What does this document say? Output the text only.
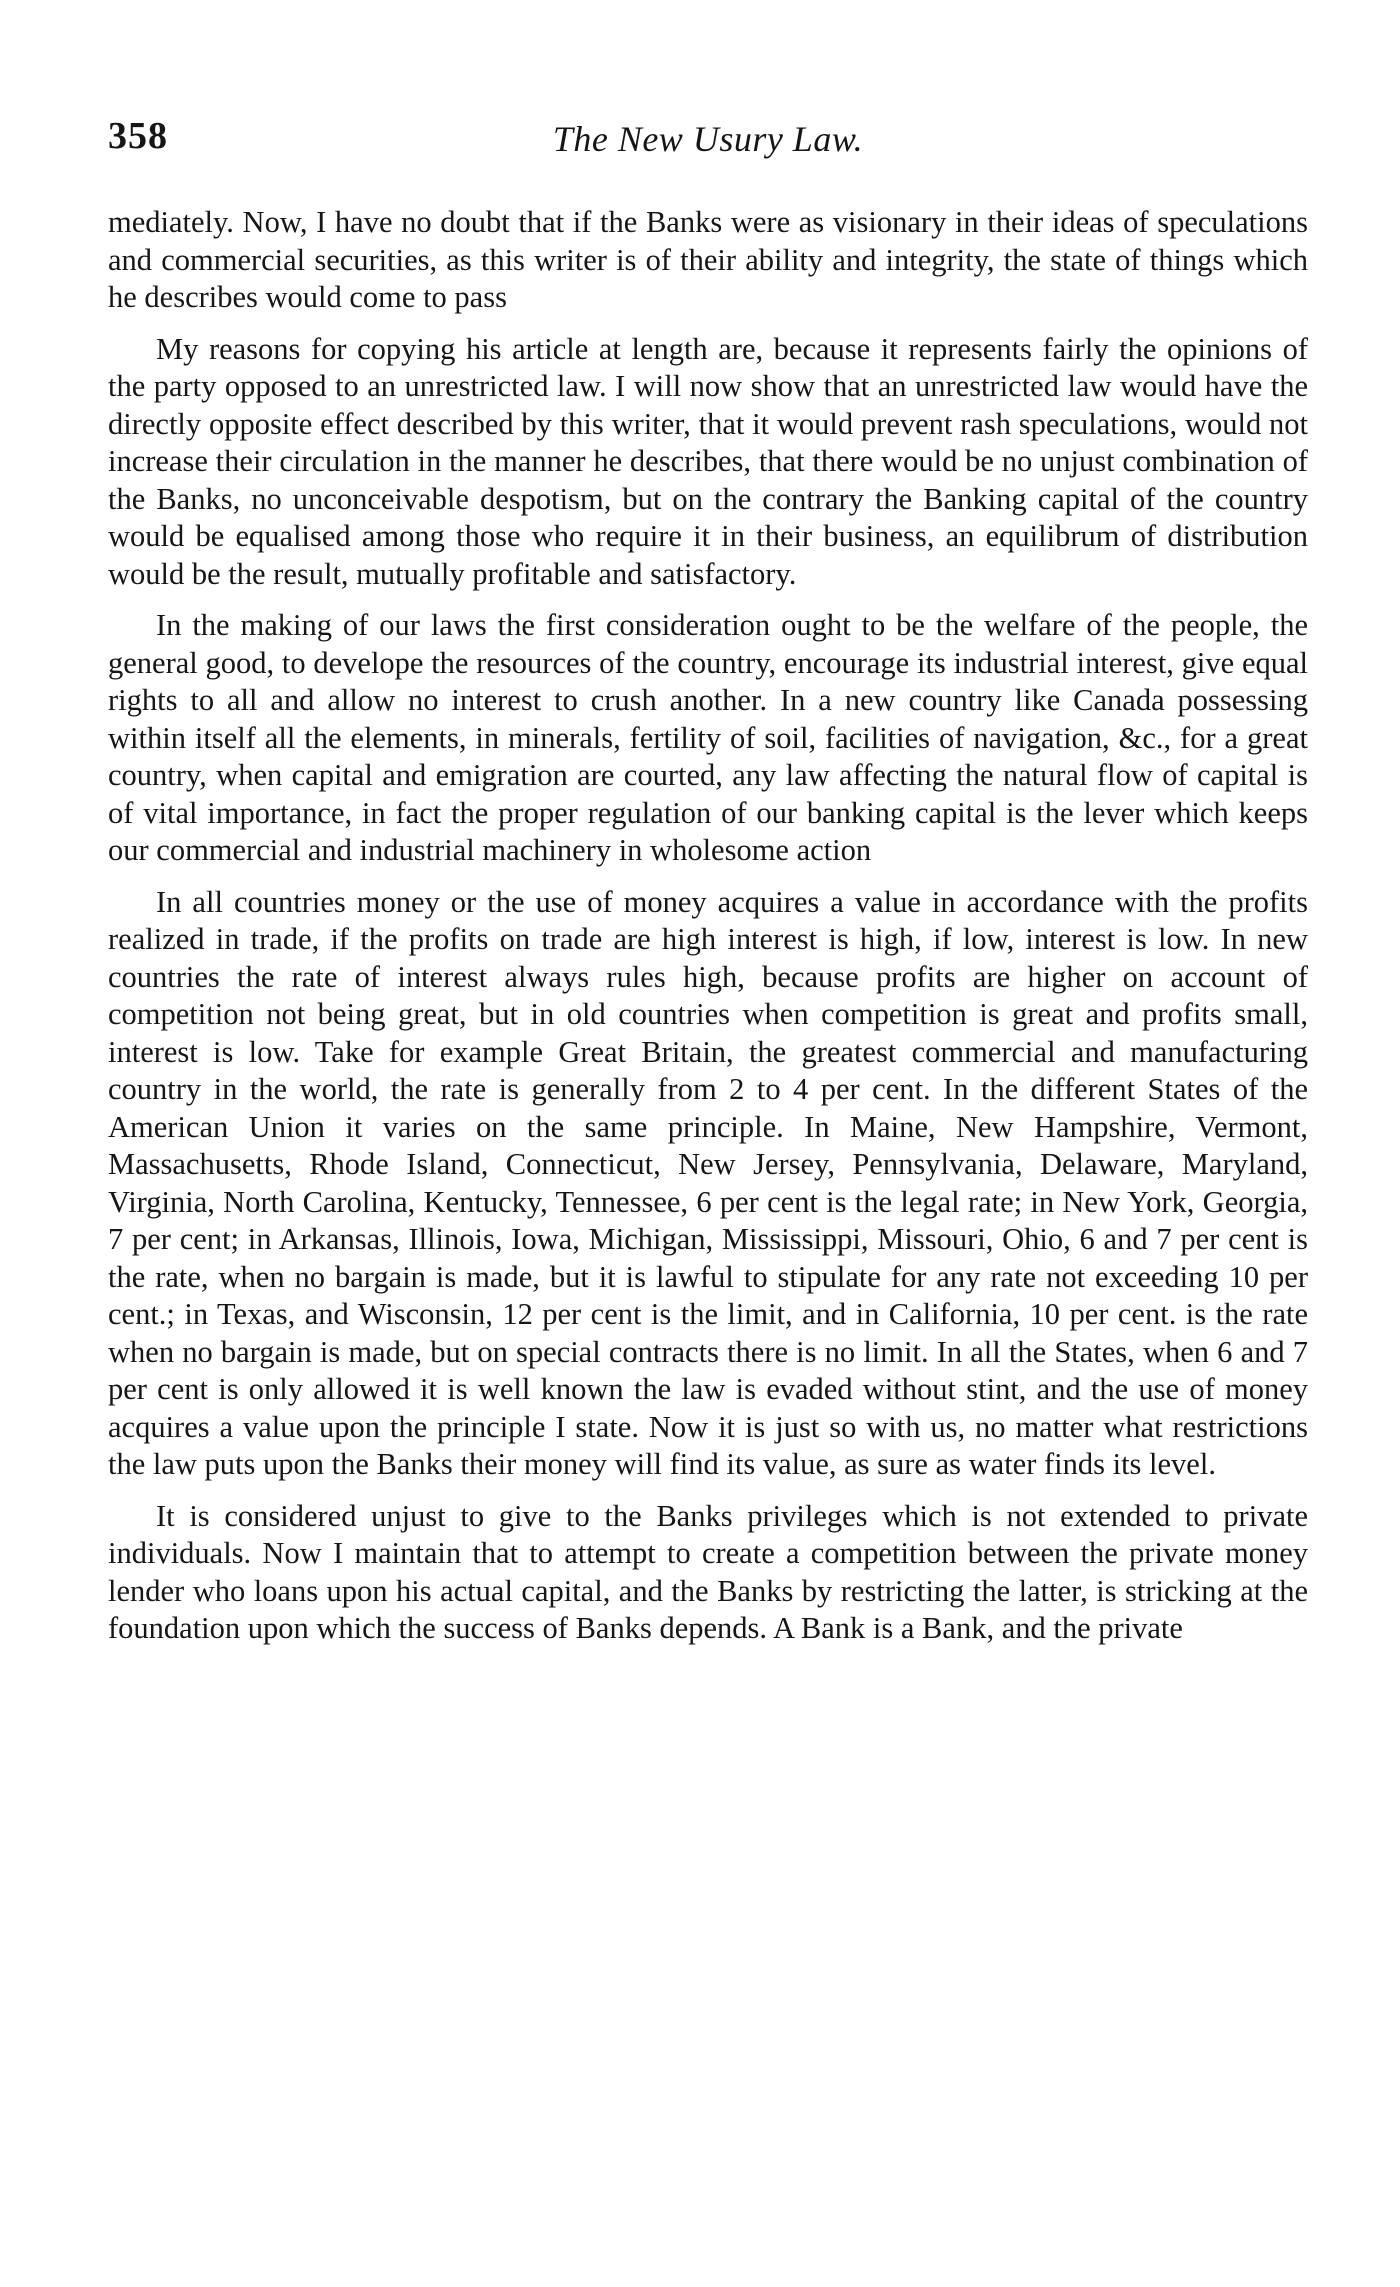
358	The New Usury Law.

mediately. Now, I have no doubt that if the Banks were as visionary in their ideas of speculations and commercial securities, as this writer is of their ability and integrity, the state of things which he describes would come to pass

My reasons for copying his article at length are, because it represents fairly the opinions of the party opposed to an unrestricted law. I will now show that an unrestricted law would have the directly opposite effect described by this writer, that it would prevent rash speculations, would not increase their circulation in the manner he describes, that there would be no unjust combination of the Banks, no unconceivable despotism, but on the contrary the Banking capital of the country would be equalised among those who require it in their business, an equilibrum of distribution would be the result, mutually profitable and satisfactory.

In the making of our laws the first consideration ought to be the welfare of the people, the general good, to develope the resources of the country, encourage its industrial interest, give equal rights to all and allow no interest to crush another. In a new country like Canada possessing within itself all the elements, in minerals, fertility of soil, facilities of navigation, &c., for a great country, when capital and emigration are courted, any law affecting the natural flow of capital is of vital importance, in fact the proper regulation of our banking capital is the lever which keeps our commercial and industrial machinery in wholesome action

In all countries money or the use of money acquires a value in accordance with the profits realized in trade, if the profits on trade are high interest is high, if low, interest is low. In new countries the rate of interest always rules high, because profits are higher on account of competition not being great, but in old countries when competition is great and profits small, interest is low. Take for example Great Britain, the greatest commercial and manufacturing country in the world, the rate is generally from 2 to 4 per cent. In the different States of the American Union it varies on the same principle. In Maine, New Hampshire, Vermont, Massachusetts, Rhode Island, Connecticut, New Jersey, Pennsylvania, Delaware, Maryland, Virginia, North Carolina, Kentucky, Tennessee, 6 per cent is the legal rate; in New York, Georgia, 7 per cent; in Arkansas, Illinois, Iowa, Michigan, Mississippi, Missouri, Ohio, 6 and 7 per cent is the rate, when no bargain is made, but it is lawful to stipulate for any rate not exceeding 10 per cent.; in Texas, and Wisconsin, 12 per cent is the limit, and in California, 10 per cent. is the rate when no bargain is made, but on special contracts there is no limit. In all the States, when 6 and 7 per cent is only allowed it is well known the law is evaded without stint, and the use of money acquires a value upon the principle I state. Now it is just so with us, no matter what restrictions the law puts upon the Banks their money will find its value, as sure as water finds its level.

It is considered unjust to give to the Banks privileges which is not extended to private individuals. Now I maintain that to attempt to create a competition between the private money lender who loans upon his actual capital, and the Banks by restricting the latter, is stricking at the foundation upon which the success of Banks depends. A Bank is a Bank, and the private
